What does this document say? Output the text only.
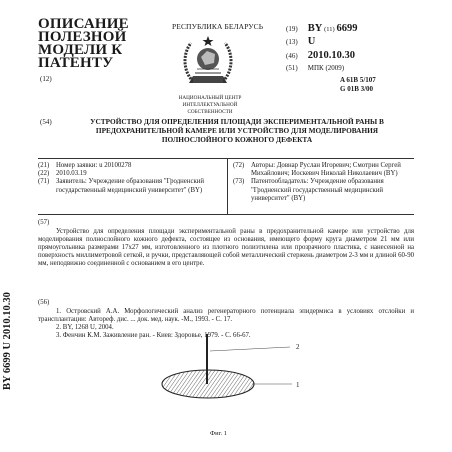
ОПИСАНИЕ
ПОЛЕЗНОЙ
МОДЕЛИ К
ПАТЕНТУ
(12)
РЕСПУБЛИКА БЕЛАРУСЬ
НАЦИОНАЛЬНЫЙ ЦЕНТР
ИНТЕЛЛЕКТУАЛЬНОЙ
СОБСТВЕННОСТИ
(19) BY (11) 6699
(13) U
(46) 2010.10.30
(51) МПК (2009)
A 61B 5/107
G 01B 3/00
(54)	УСТРОЙСТВО ДЛЯ ОПРЕДЕЛЕНИЯ ПЛОЩАДИ ЭКСПЕРИМЕНТАЛЬНОЙ РАНЫ В ПРЕДОХРАНИТЕЛЬНОЙ КАМЕРЕ ИЛИ УСТРОЙСТВО ДЛЯ МОДЕЛИРОВАНИЯ ПОЛНОСЛОЙНОГО КОЖНОГО ДЕФЕКТА
(21) Номер заявки: u 20100278
(22) 2010.03.19
(71) Заявитель: Учреждение образования "Гродненский государственный медицинский университет" (BY)
(72) Авторы: Довнар Руслан Игоревич; Смотрин Сергей Михайлович; Иоскевич Николай Николаевич (BY)
(73) Патентообладатель: Учреждение образования "Гродненский государственный медицинский университет" (BY)
(57)
Устройство для определения площади экспериментальной раны в предохранительной камере или устройство для моделирования полнослойного кожного дефекта, состоящее из основания, имеющего форму круга диаметром 21 мм или прямоугольника размерами 17x27 мм, изготовленного из плотного полиэтилена или прозрачного пластика, с нанесенной на поверхность миллиметровой сеткой, и ручки, представляющей собой металлический стержень диаметром 2-3 мм и длиной 60-90 мм, неподвижно соединенной с основанием в его центре.
(56)

1. Островский А.А. Морфологический анализ регенераторного потенциала эпидермиса в условиях отслойки и трансплантации: Автореф. дис. ... док. мед. наук. -М., 1993. - С. 17.

2. BY, 1268 U, 2004.

3. Фенчин К.М. Заживление ран. - Киев: Здоровье, 1979. - С. 66-67.

BY 6699 U 2010.10.30	2
1
Фиг. 1
